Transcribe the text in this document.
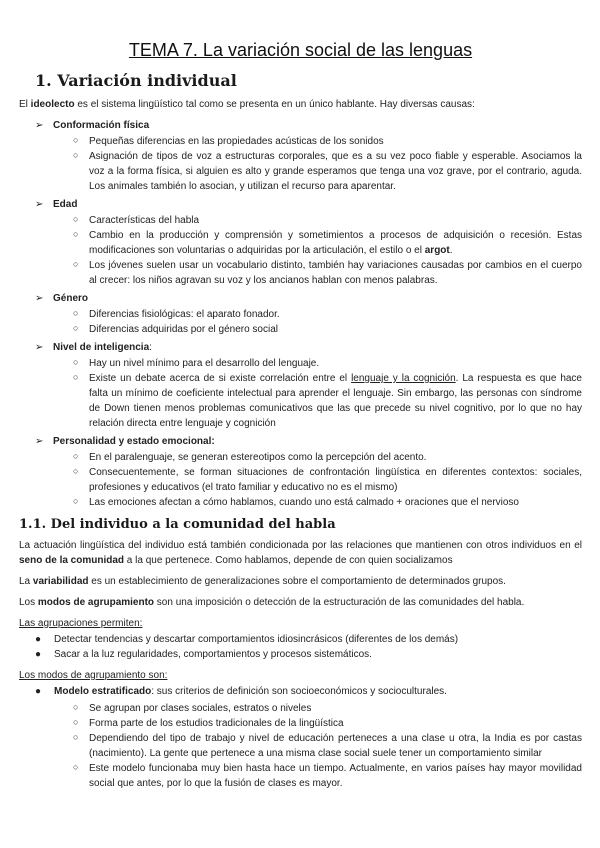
TEMA 7. La variación social de las lenguas
1. Variación individual

El ideolecto es el sistema lingüístico tal como se presenta en un único hablante. Hay diversas causas:

➢ Conformación física
○ Pequeñas diferencias en las propiedades acústicas de los sonidos
○ Asignación de tipos de voz a estructuras corporales, que es a su vez poco fiable y esperable. Asociamos la voz a la forma física, si alguien es alto y grande esperamos que tenga una voz grave, por el contrario, aguda. Los animales también lo asocian, y utilizan el recurso para aparentar.
➢ Edad
○ Características del habla
○ Cambio en la producción y comprensión y sometimientos a procesos de adquisición o recesión. Estas modificaciones son voluntarias o adquiridas por la articulación, el estilo o el argot.
○ Los jóvenes suelen usar un vocabulario distinto, también hay variaciones causadas por cambios en el cuerpo al crecer: los niños agravan su voz y los ancianos hablan con menos palabras.
➢ Género
○ Diferencias fisiológicas: el aparato fonador.
○ Diferencias adquiridas por el género social
➢ Nivel de inteligencia:
○ Hay un nivel mínimo para el desarrollo del lenguaje.
○ Existe un debate acerca de si existe correlación entre el lenguaje y la cognición. La respuesta es que hace falta un mínimo de coeficiente intelectual para aprender el lenguaje. Sin embargo, las personas con síndrome de Down tienen menos problemas comunicativos que las que precede su nivel cognitivo, por lo que no hay relación directa entre lenguaje y cognición
➢ Personalidad y estado emocional:
○ En el paralenguaje, se generan estereotipos como la percepción del acento.
○ Consecuentemente, se forman situaciones de confrontación lingüística en diferentes contextos: sociales, profesiones y educativos (el trato familiar y educativo no es el mismo)
○ Las emociones afectan a cómo hablamos, cuando uno está calmado + oraciones que el nervioso
1.1. Del individuo a la comunidad del habla

La actuación lingüística del individuo está también condicionada por las relaciones que mantienen con otros individuos en el seno de la comunidad a la que pertenece. Como hablamos, depende de con quien socializamos

La variabilidad es un establecimiento de generalizaciones sobre el comportamiento de determinados grupos.

Los modos de agrupamiento son una imposición o detección de la estructuración de las comunidades del habla.

Las agrupaciones permiten:
● Detectar tendencias y descartar comportamientos idiosincrásicos (diferentes de los demás)
● Sacar a la luz regularidades, comportamientos y procesos sistemáticos.
Los modos de agrupamiento son:
● Modelo estratificado: sus criterios de definición son socioeconómicos y socioculturales.
○ Se agrupan por clases sociales, estratos o niveles
○ Forma parte de los estudios tradicionales de la lingüística
○ Dependiendo del tipo de trabajo y nivel de educación perteneces a una clase u otra, la India es por castas (nacimiento). La gente que pertenece a una misma clase social suele tener un comportamiento similar
○ Este modelo funcionaba muy bien hasta hace un tiempo. Actualmente, en varios países hay mayor movilidad social que antes, por lo que la fusión de clases es mayor.
